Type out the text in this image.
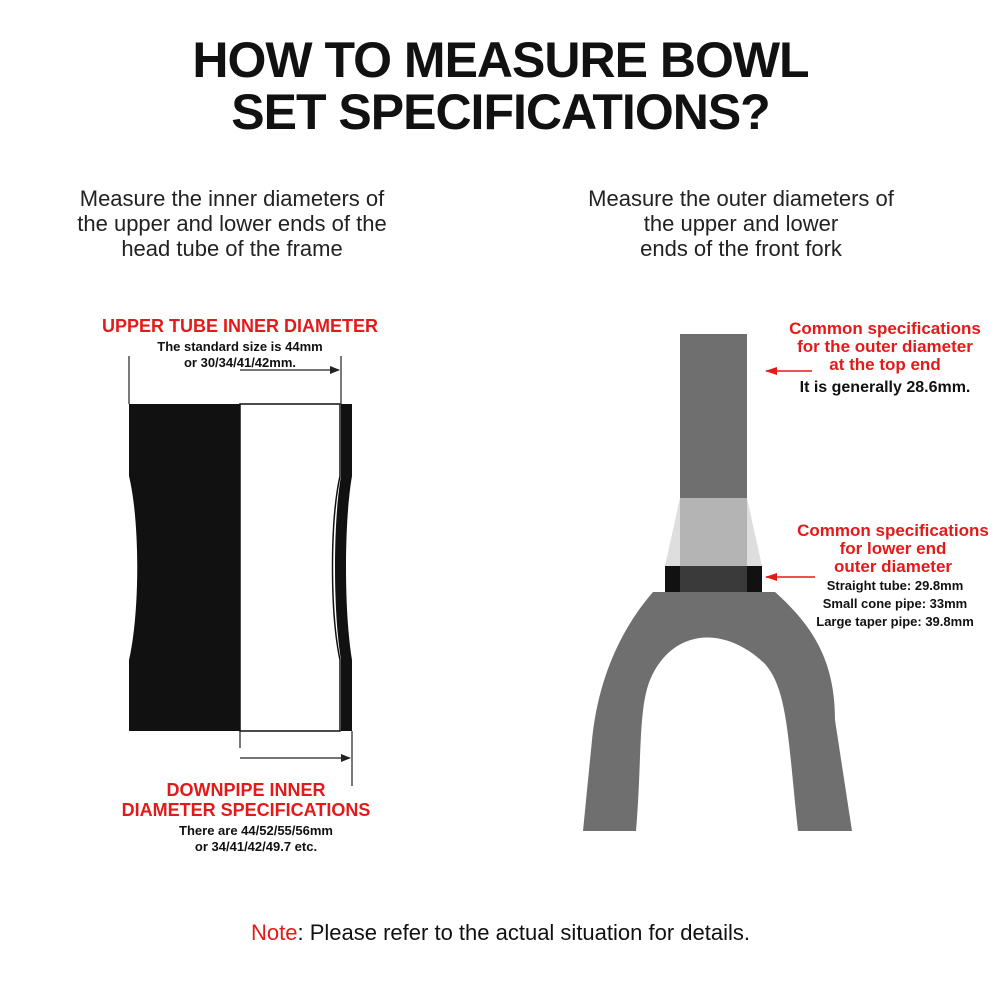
HOW TO MEASURE BOWL
SET SPECIFICATIONS?
Measure the inner diameters of
the upper and lower ends of the
head tube of the frame
Measure the outer diameters of
the upper and lower
ends of the front fork
UPPER TUBE INNER DIAMETER
The standard size is 44mm
or 30/34/41/42mm.
DOWNPIPE INNER
DIAMETER SPECIFICATIONS
There are 44/52/55/56mm
or 34/41/42/49.7 etc.
Common specifications
for the outer diameter
at the top end
It is generally 28.6mm.
Common specifications
for lower end
outer diameter
Straight tube: 29.8mm
Small cone pipe: 33mm
Large taper pipe: 39.8mm
Note: Please refer to the actual situation for details.
